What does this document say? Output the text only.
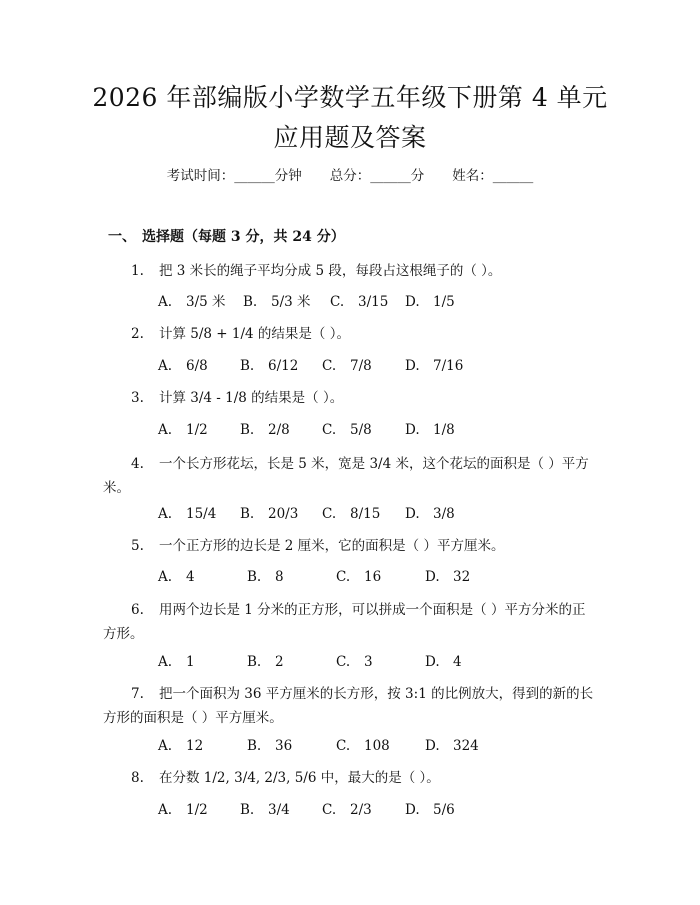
2026 年部编版小学数学五年级下册第 4 单元
应用题及答案
考试时间：______分钟 总分：______分 姓名：______
一、 选择题（每题 3 分，共 24 分）
1. 把 3 米长的绳子平均分成 5 段，每段占这根绳子的（ ）。
A. 3/5 米 B. 5/3 米 C. 3/15 D. 1/5
2. 计算 5/8 + 1/4 的结果是（ ）。
A. 6/8 B. 6/12 C. 7/8 D. 7/16
3. 计算 3/4 - 1/8 的结果是（ ）。
A. 1/2 B. 2/8 C. 5/8 D. 1/8
4. 一个长方形花坛，长是 5 米，宽是 3/4 米，这个花坛的面积是（ ）平方
米。
A. 15/4 B. 20/3 C. 8/15 D. 3/8
5. 一个正方形的边长是 2 厘米，它的面积是（ ）平方厘米。
A. 4	B. 8	C. 16	D. 32
6. 用两个边长是 1 分米的正方形，可以拼成一个面积是（ ）平方分米的正
方形。
A. 1	B. 2	C. 3	D. 4
7. 把一个面积为 36 平方厘米的长方形，按 3:1 的比例放大，得到的新的长
方形的面积是（ ）平方厘米。
A. 12	B. 36	C. 108	D. 324
8. 在分数 1/2, 3/4, 2/3, 5/6 中，最大的是（ ）。
A. 1/2 B. 3/4 C. 2/3 D. 5/6
